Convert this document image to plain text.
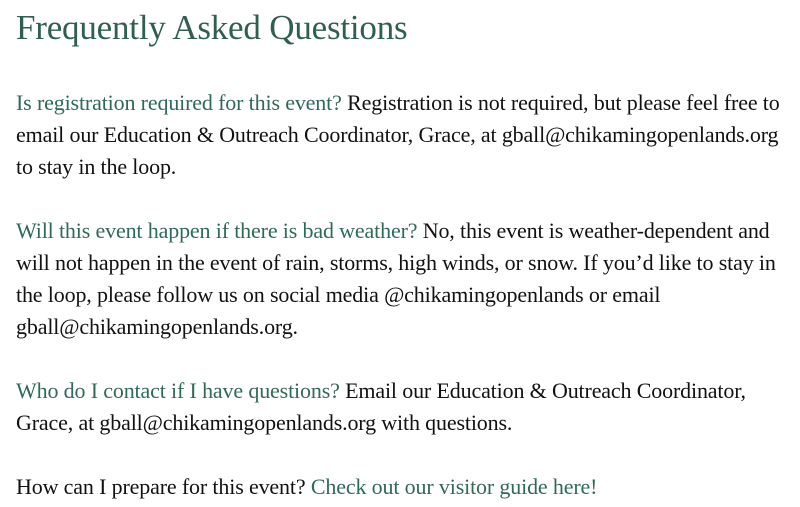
Frequently Asked Questions

Is registration required for this event? Registration is not required, but please feel free to email our Education & Outreach Coordinator, Grace, at gball@chikamingopenlands.org to stay in the loop.

Will this event happen if there is bad weather? No, this event is weather-dependent and will not happen in the event of rain, storms, high winds, or snow. If you’d like to stay in the loop, please follow us on social media @chikamingopenlands or email gball@chikamingopenlands.org.

Who do I contact if I have questions? Email our Education & Outreach Coordinator, Grace, at gball@chikamingopenlands.org with questions.

How can I prepare for this event? Check out our visitor guide here!
